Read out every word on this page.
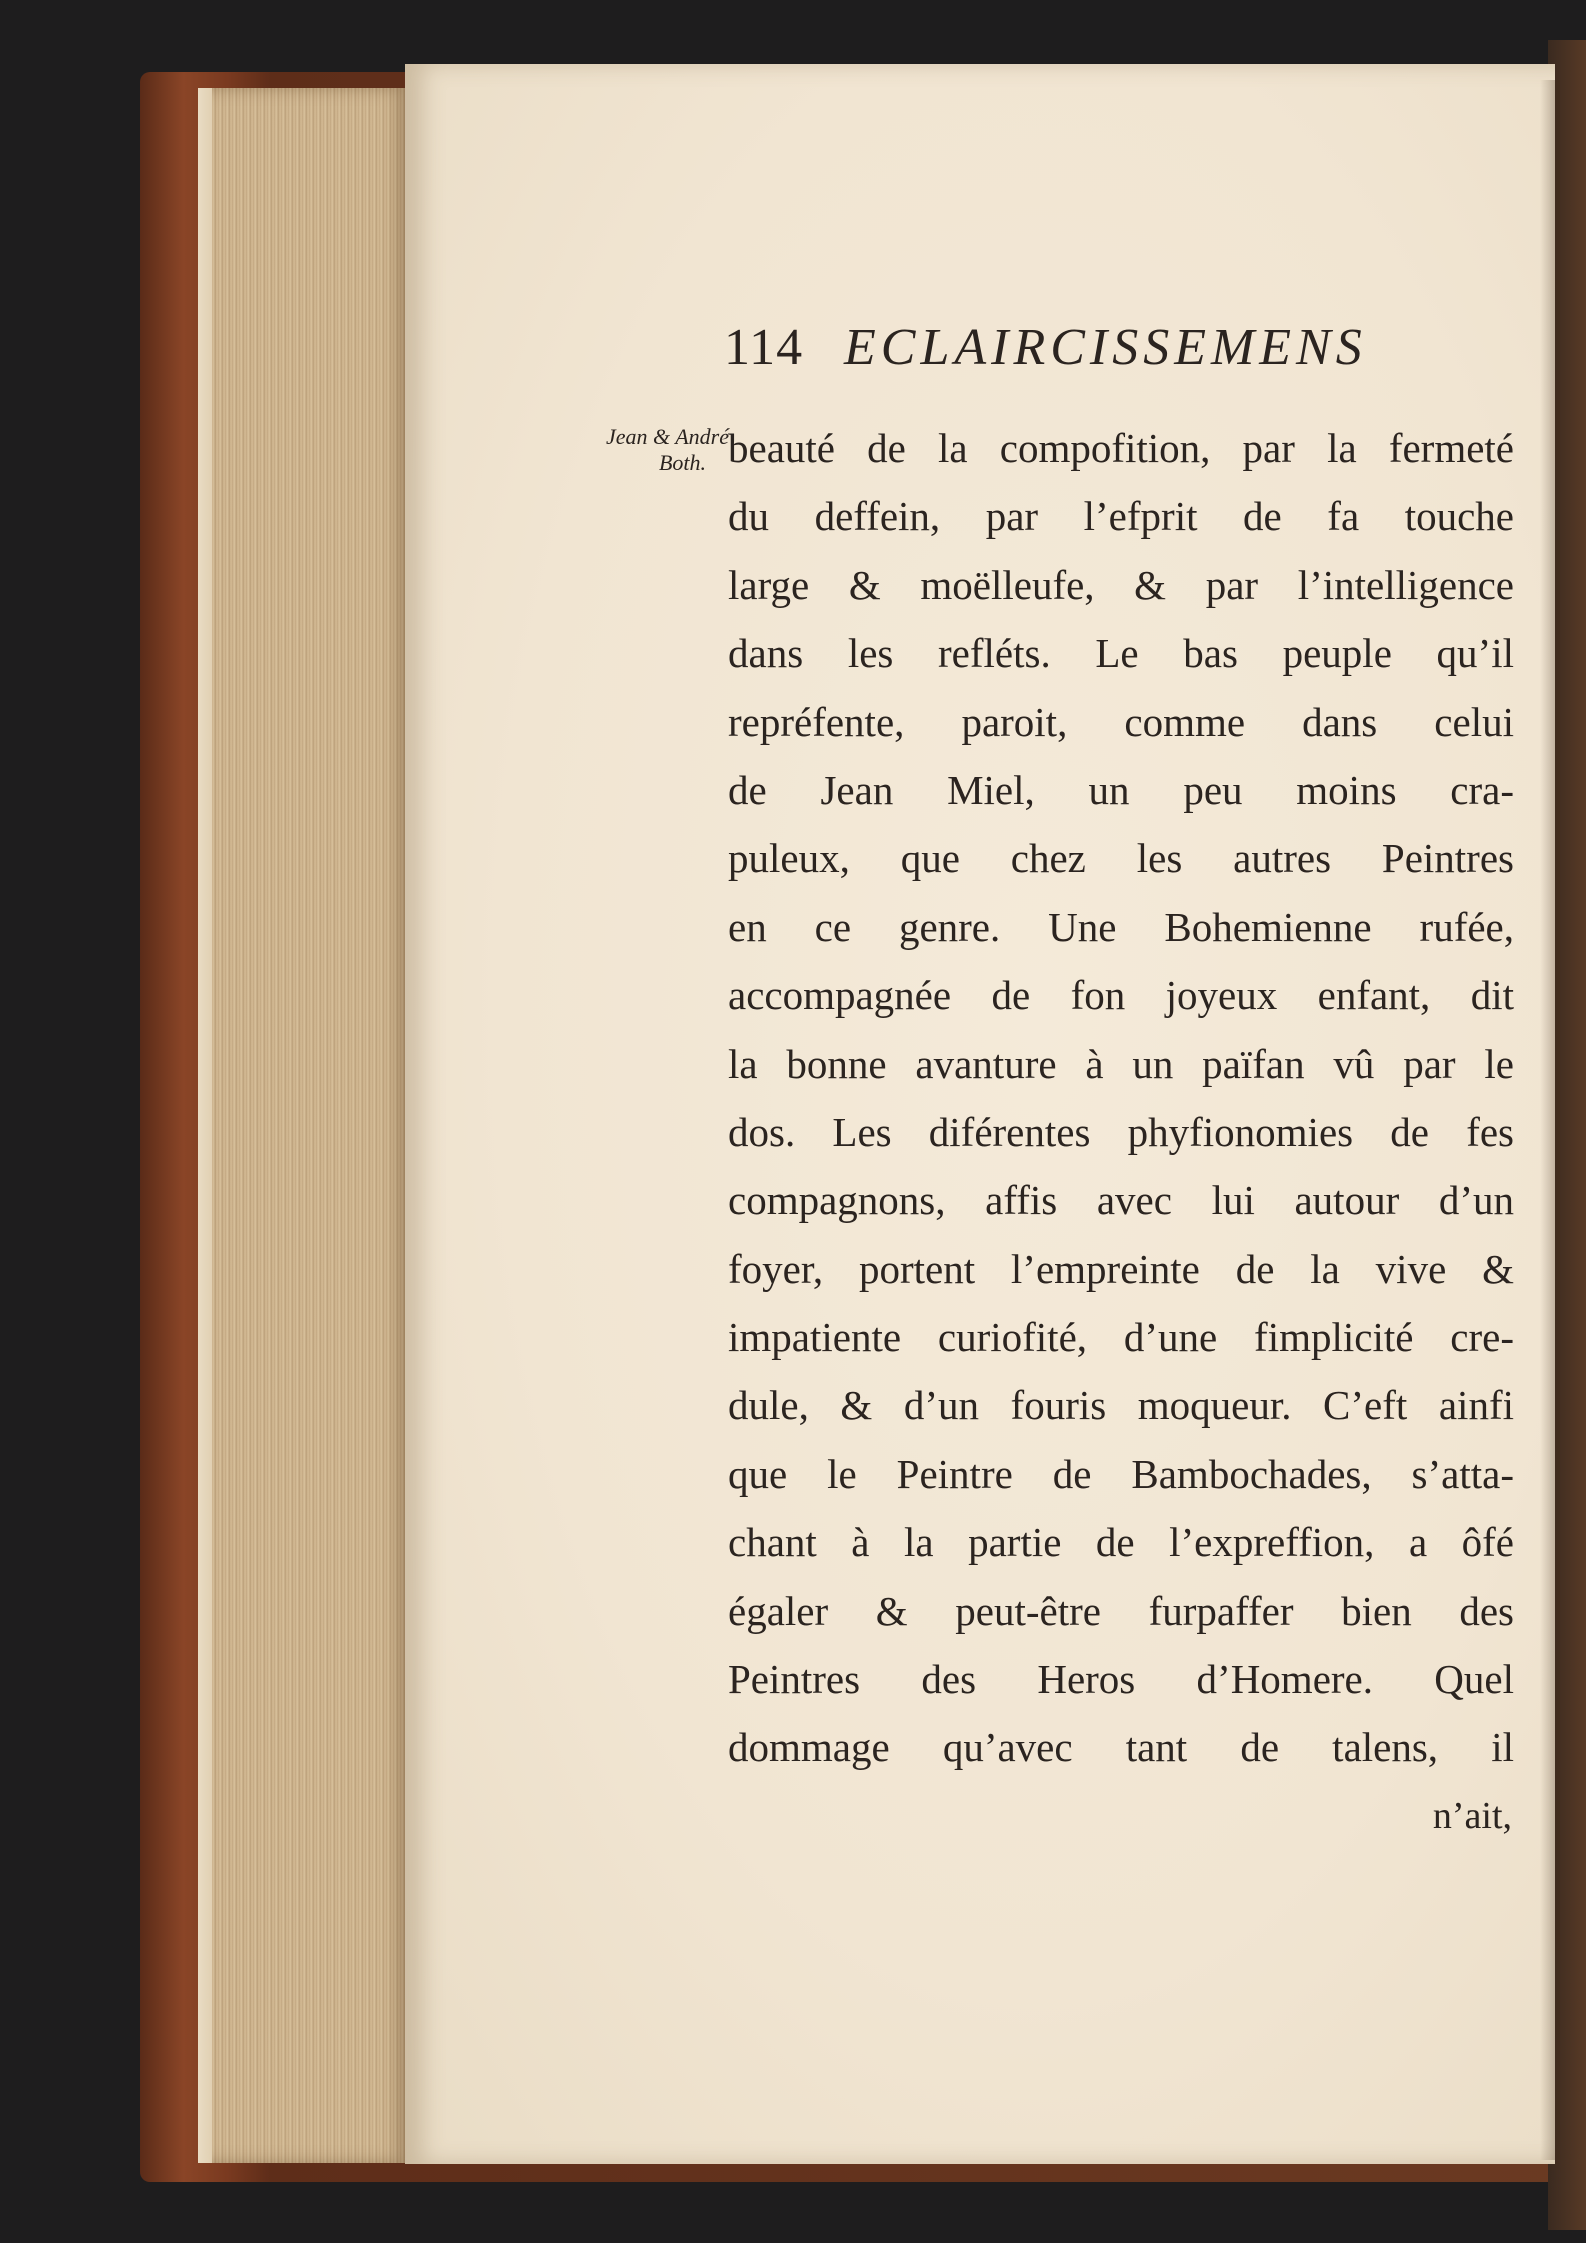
114 ECLAIRCISSEMENS
Jean & André
Both. beauté de la compofition, par la fermeté
du deffein, par l’efprit de fa touche
large & moëlleufe, & par l’intelligence
dans les refléts. Le bas peuple qu’il
repréfente, paroit, comme dans celui
de Jean Miel, un peu moins cra-
puleux, que chez les autres Peintres
en ce genre. Une Bohemienne rufée,
accompagnée de fon joyeux enfant, dit
la bonne avanture à un païfan vû par le
dos. Les diférentes phyfionomies de fes
compagnons, affis avec lui autour d’un
foyer, portent l’empreinte de la vive &
impatiente curiofité, d’une fimplicité cre-
dule, & d’un fouris moqueur. C’eft ainfi
que le Peintre de Bambochades, s’atta-
chant à la partie de l’expreffion, a ôfé
égaler & peut-être furpaffer bien des
Peintres des Heros d’Homere. Quel
dommage qu’avec tant de talens, il
n’ait,
